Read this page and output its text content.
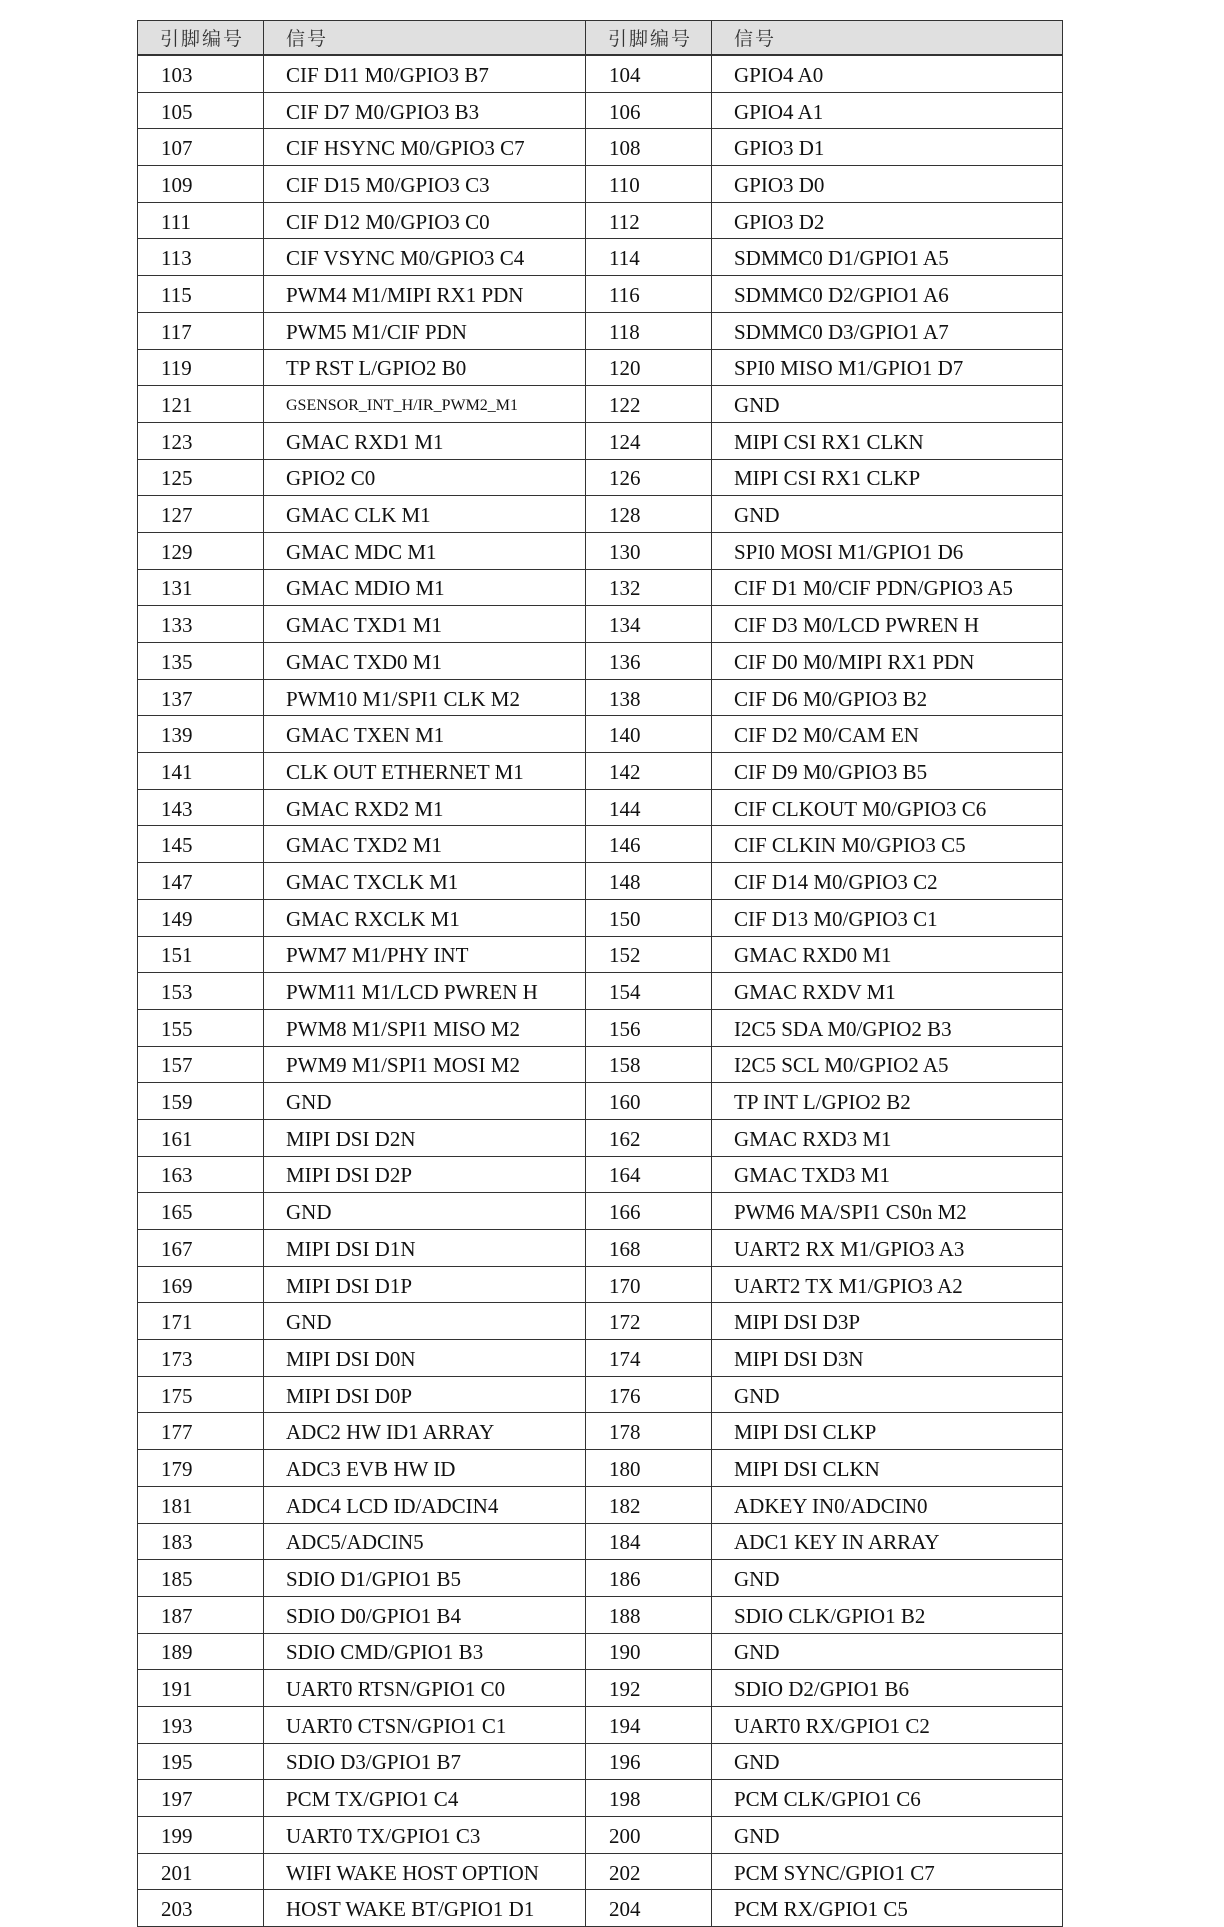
引脚编号	信号	引脚编号	信号
103	CIF D11 M0/GPIO3 B7	104	GPIO4 A0
105	CIF D7 M0/GPIO3 B3	106	GPIO4 A1
107	CIF HSYNC M0/GPIO3 C7	108	GPIO3 D1
109	CIF D15 M0/GPIO3 C3	110	GPIO3 D0
111	CIF D12 M0/GPIO3 C0	112	GPIO3 D2
113	CIF VSYNC M0/GPIO3 C4	114	SDMMC0 D1/GPIO1 A5
115	PWM4 M1/MIPI RX1 PDN	116	SDMMC0 D2/GPIO1 A6
117	PWM5 M1/CIF PDN	118	SDMMC0 D3/GPIO1 A7
119	TP RST L/GPIO2 B0	120	SPI0 MISO M1/GPIO1 D7
121	GSENSOR_INT_H/IR_PWM2_M1	122	GND
123	GMAC RXD1 M1	124	MIPI CSI RX1 CLKN
125	GPIO2 C0	126	MIPI CSI RX1 CLKP
127	GMAC CLK M1	128	GND
129	GMAC MDC M1	130	SPI0 MOSI M1/GPIO1 D6
131	GMAC MDIO M1	132	CIF D1 M0/CIF PDN/GPIO3 A5
133	GMAC TXD1 M1	134	CIF D3 M0/LCD PWREN H
135	GMAC TXD0 M1	136	CIF D0 M0/MIPI RX1 PDN
137	PWM10 M1/SPI1 CLK M2	138	CIF D6 M0/GPIO3 B2
139	GMAC TXEN M1	140	CIF D2 M0/CAM EN
141	CLK OUT ETHERNET M1	142	CIF D9 M0/GPIO3 B5
143	GMAC RXD2 M1	144	CIF CLKOUT M0/GPIO3 C6
145	GMAC TXD2 M1	146	CIF CLKIN M0/GPIO3 C5
147	GMAC TXCLK M1	148	CIF D14 M0/GPIO3 C2
149	GMAC RXCLK M1	150	CIF D13 M0/GPIO3 C1
151	PWM7 M1/PHY INT	152	GMAC RXD0 M1
153	PWM11 M1/LCD PWREN H	154	GMAC RXDV M1
155	PWM8 M1/SPI1 MISO M2	156	I2C5 SDA M0/GPIO2 B3
157	PWM9 M1/SPI1 MOSI M2	158	I2C5 SCL M0/GPIO2 A5
159	GND	160	TP INT L/GPIO2 B2
161	MIPI DSI D2N	162	GMAC RXD3 M1
163	MIPI DSI D2P	164	GMAC TXD3 M1
165	GND	166	PWM6 MA/SPI1 CS0n M2
167	MIPI DSI D1N	168	UART2 RX M1/GPIO3 A3
169	MIPI DSI D1P	170	UART2 TX M1/GPIO3 A2
171	GND	172	MIPI DSI D3P
173	MIPI DSI D0N	174	MIPI DSI D3N
175	MIPI DSI D0P	176	GND
177	ADC2 HW ID1 ARRAY	178	MIPI DSI CLKP
179	ADC3 EVB HW ID	180	MIPI DSI CLKN
181	ADC4 LCD ID/ADCIN4	182	ADKEY IN0/ADCIN0
183	ADC5/ADCIN5	184	ADC1 KEY IN ARRAY
185	SDIO D1/GPIO1 B5	186	GND
187	SDIO D0/GPIO1 B4	188	SDIO CLK/GPIO1 B2
189	SDIO CMD/GPIO1 B3	190	GND
191	UART0 RTSN/GPIO1 C0	192	SDIO D2/GPIO1 B6
193	UART0 CTSN/GPIO1 C1	194	UART0 RX/GPIO1 C2
195	SDIO D3/GPIO1 B7	196	GND
197	PCM TX/GPIO1 C4	198	PCM CLK/GPIO1 C6
199	UART0 TX/GPIO1 C3	200	GND
201	WIFI WAKE HOST OPTION	202	PCM SYNC/GPIO1 C7
203	HOST WAKE BT/GPIO1 D1	204	PCM RX/GPIO1 C5
